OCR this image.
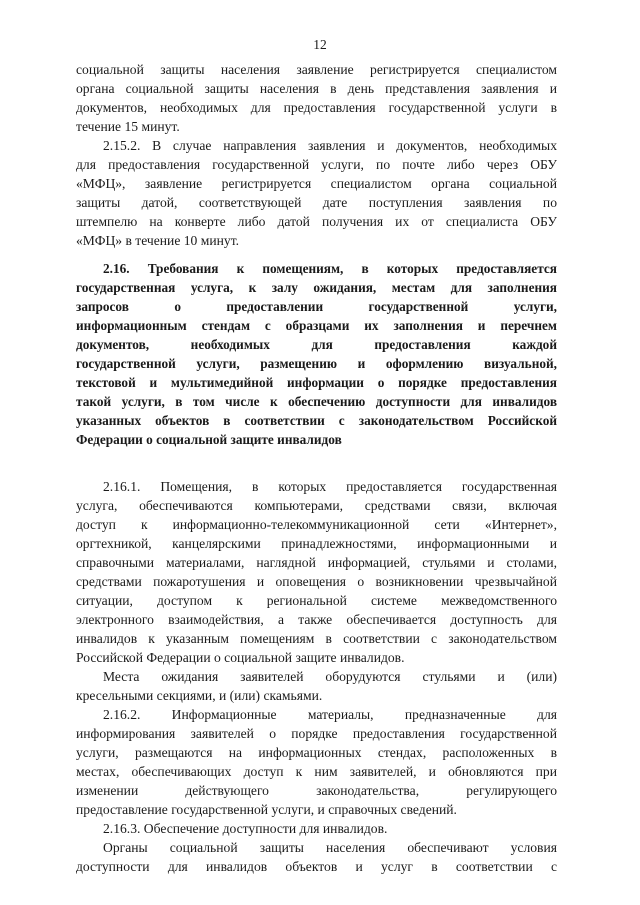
12
социальной защиты населения заявление регистрируется специалистом
органа социальной защиты населения в день представления заявления и
документов, необходимых для предоставления государственной услуги в
течение 15 минут.
2.15.2. В случае направления заявления и документов, необходимых
для предоставления государственной услуги, по почте либо через ОБУ
«МФЦ», заявление регистрируется специалистом органа социальной
защиты датой, соответствующей дате поступления заявления по
штемпелю на конверте либо датой получения их от специалиста ОБУ
«МФЦ» в течение 10 минут.
2.16. Требования к помещениям, в которых предоставляется
государственная услуга, к залу ожидания, местам для заполнения
запросов о предоставлении государственной услуги,
информационным стендам с образцами их заполнения и перечнем
документов, необходимых для предоставления каждой
государственной услуги, размещению и оформлению визуальной,
текстовой и мультимедийной информации о порядке предоставления
такой услуги, в том числе к обеспечению доступности для инвалидов
указанных объектов в соответствии с законодательством Российской
Федерации о социальной защите инвалидов
2.16.1. Помещения, в которых предоставляется государственная
услуга, обеспечиваются компьютерами, средствами связи, включая
доступ к информационно-телекоммуникационной сети «Интернет»,
оргтехникой, канцелярскими принадлежностями, информационными и
справочными материалами, наглядной информацией, стульями и столами,
средствами пожаротушения и оповещения о возникновении чрезвычайной
ситуации, доступом к региональной системе межведомственного
электронного взаимодействия, а также обеспечивается доступность для
инвалидов к указанным помещениям в соответствии с законодательством
Российской Федерации о социальной защите инвалидов.
Места ожидания заявителей оборудуются стульями и (или)
кресельными секциями, и (или) скамьями.
2.16.2. Информационные материалы, предназначенные для
информирования заявителей о порядке предоставления государственной
услуги, размещаются на информационных стендах, расположенных в
местах, обеспечивающих доступ к ним заявителей, и обновляются при
изменении действующего законодательства, регулирующего
предоставление государственной услуги, и справочных сведений.
2.16.3. Обеспечение доступности для инвалидов.
Органы социальной защиты населения обеспечивают условия
доступности для инвалидов объектов и услуг в соответствии с
